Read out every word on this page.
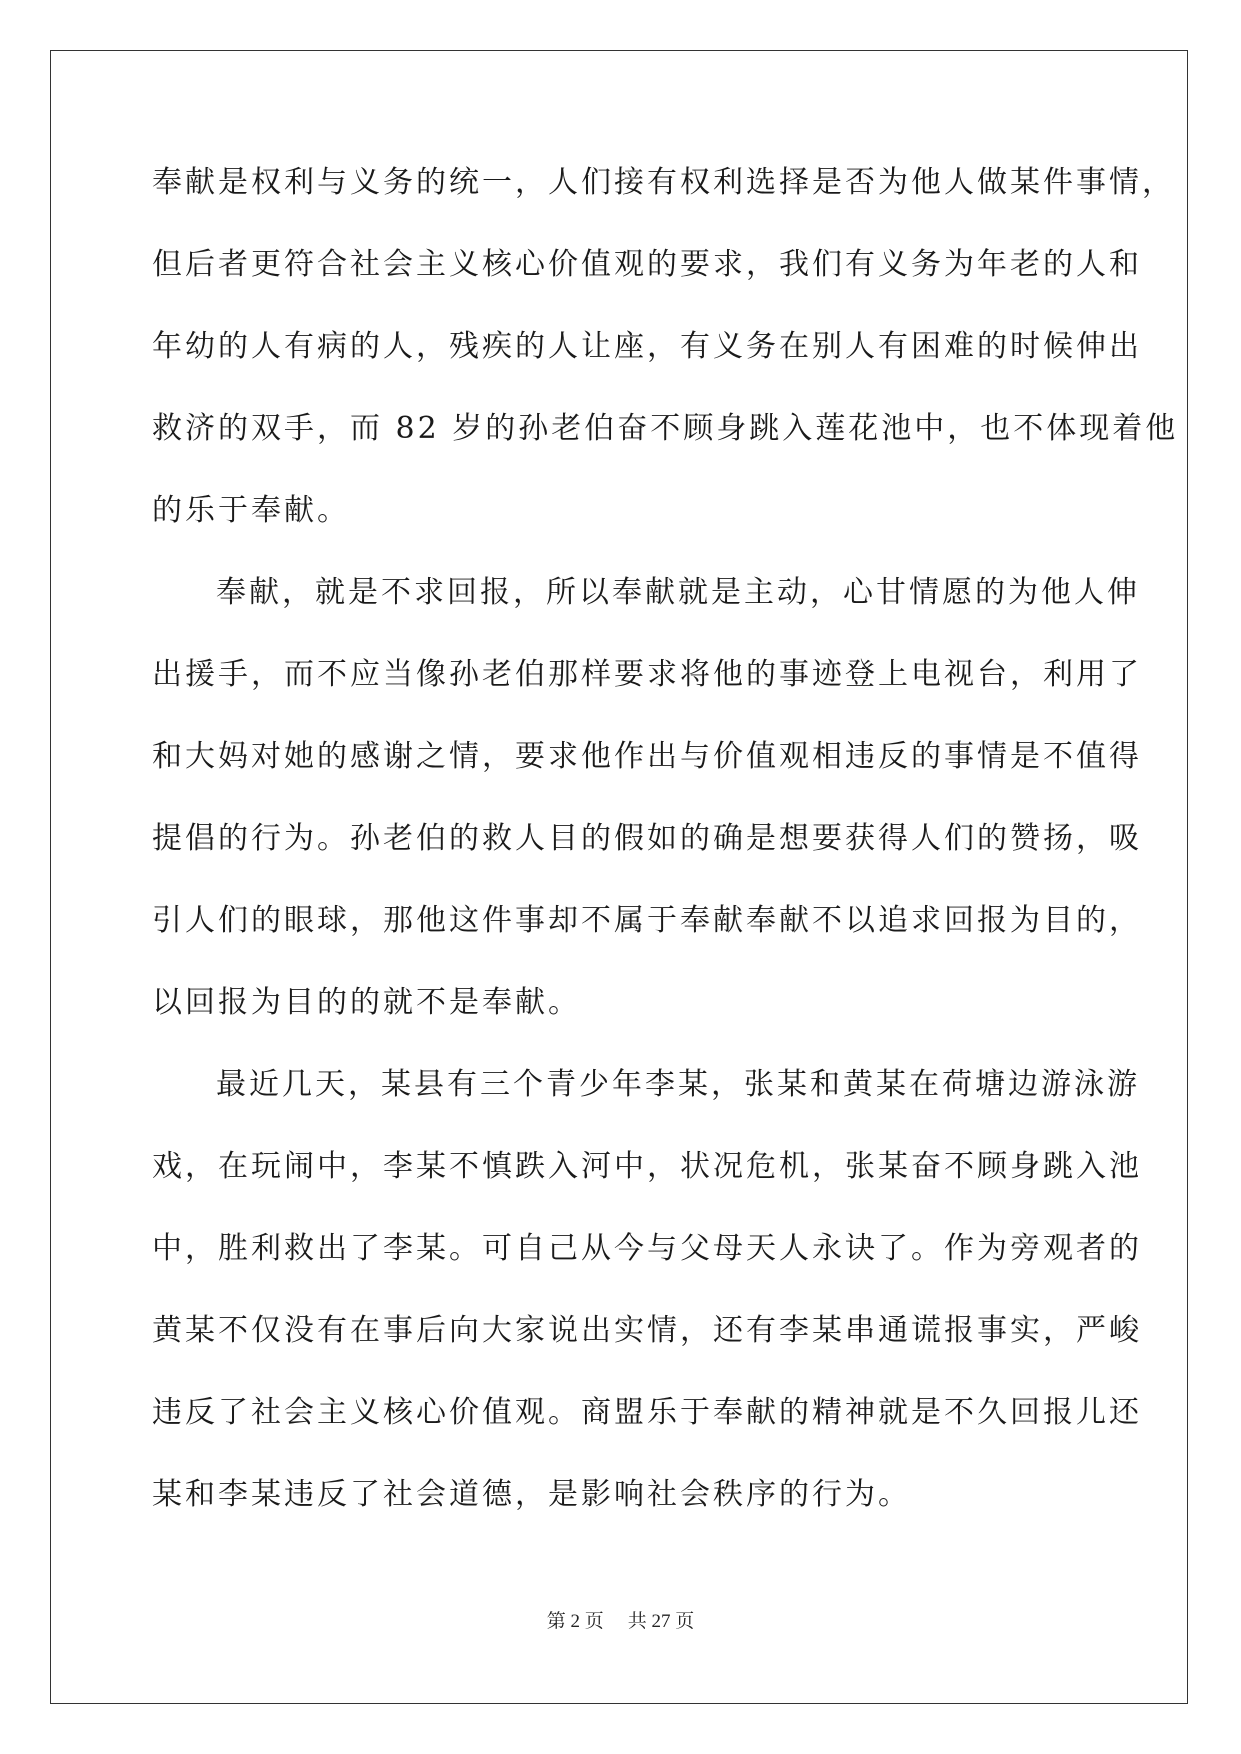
奉献是权利与义务的统一，人们接有权利选择是否为他人做某件事情，
但后者更符合社会主义核心价值观的要求，我们有义务为年老的人和
年幼的人有病的人，残疾的人让座，有义务在别人有困难的时候伸出
救济的双手，而 82 岁的孙老伯奋不顾身跳入莲花池中，也不体现着他
的乐于奉献。
奉献，就是不求回报，所以奉献就是主动，心甘情愿的为他人伸
出援手，而不应当像孙老伯那样要求将他的事迹登上电视台，利用了
和大妈对她的感谢之情，要求他作出与价值观相违反的事情是不值得
提倡的行为。孙老伯的救人目的假如的确是想要获得人们的赞扬，吸
引人们的眼球，那他这件事却不属于奉献奉献不以追求回报为目的，
以回报为目的的就不是奉献。
最近几天，某县有三个青少年李某，张某和黄某在荷塘边游泳游
戏，在玩闹中，李某不慎跌入河中，状况危机，张某奋不顾身跳入池
中，胜利救出了李某。可自己从今与父母天人永诀了。作为旁观者的
黄某不仅没有在事后向大家说出实情，还有李某串通谎报事实，严峻
违反了社会主义核心价值观。商盟乐于奉献的精神就是不久回报儿还
某和李某违反了社会道德，是影响社会秩序的行为。
第 2 页 共 27 页
